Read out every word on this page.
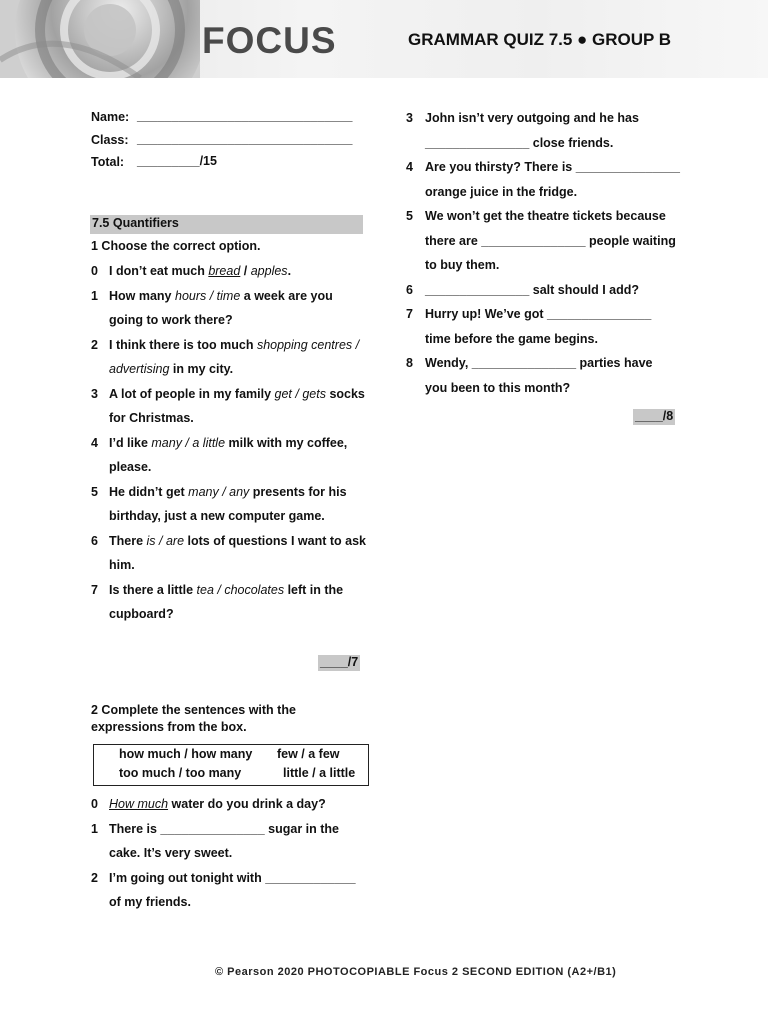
FOCUS	GRAMMAR QUIZ 7.5 ● GROUP B
Name: _______________________________
Class: _______________________________
Total: _________/15
7.5 Quantifiers
1 Choose the correct option.
0 I don’t eat much bread / apples.
1 How many hours / time a week are you
going to work there?
2 I think there is too much shopping centres /
advertising in my city.
3 A lot of people in my family get / gets socks
for Christmas.
4 I’d like many / a little milk with my coffee,
please.
5 He didn’t get many / any presents for his
birthday, just a new computer game.
6 There is / are lots of questions I want to ask
him.
7 Is there a little tea / chocolates left in the
cupboard?
____/7
2 Complete the sentences with the
expressions from the box.
how much / how many few / a few
too much / too many	little / a little
0 How much water do you drink a day?
1 There is _______________ sugar in the
cake. It’s very sweet.
2 I’m going out tonight with _____________
of my friends.
3 John isn’t very outgoing and he has
_______________ close friends.
4 Are you thirsty? There is _______________
orange juice in the fridge.
5 We won’t get the theatre tickets because
there are _______________ people waiting
to buy them.
6 _______________ salt should I add?
7 Hurry up! We’ve got _______________
time before the game begins.
8 Wendy, _______________ parties have
you been to this month?
____/8
© Pearson 2020 PHOTOCOPIABLE Focus 2 SECOND EDITION (A2+/B1)
